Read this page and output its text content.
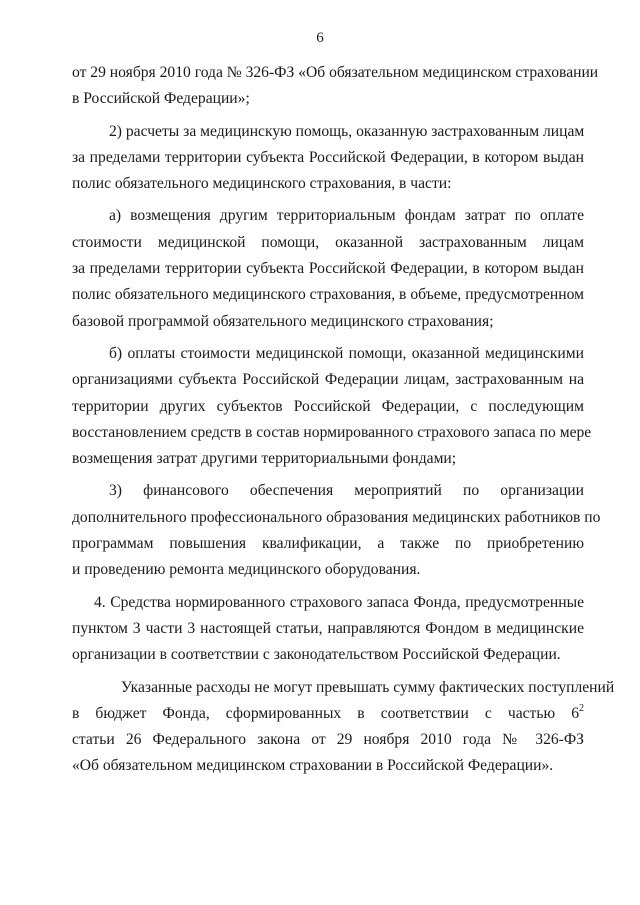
6
от 29 ноября 2010 года № 326-ФЗ «Об обязательном медицинском страховании
в Российской Федерации»;
2) расчеты за медицинскую помощь, оказанную застрахованным лицам
за пределами территории субъекта Российской Федерации, в котором выдан
полис обязательного медицинского страхования, в части:
а) возмещения другим территориальным фондам затрат по оплате
стоимости медицинской помощи, оказанной застрахованным лицам
за пределами территории субъекта Российской Федерации, в котором выдан
полис обязательного медицинского страхования, в объеме, предусмотренном
базовой программой обязательного медицинского страхования;
б) оплаты стоимости медицинской помощи, оказанной медицинскими
организациями субъекта Российской Федерации лицам, застрахованным на
территории других субъектов Российской Федерации, с последующим
восстановлением средств в состав нормированного страхового запаса по мере
возмещения затрат другими территориальными фондами;
3) финансового обеспечения мероприятий по организации
дополнительного профессионального образования медицинских работников по
программам повышения квалификации, а также по приобретению
и проведению ремонта медицинского оборудования.
4. Средства нормированного страхового запаса Фонда, предусмотренные
пунктом 3 части 3 настоящей статьи, направляются Фондом в медицинские
организации в соответствии с законодательством Российской Федерации.
Указанные расходы не могут превышать сумму фактических поступлений
в бюджет Фонда, сформированных в соответствии с частью $6^2$
статьи 26 Федерального закона от 29 ноября 2010 года № 326-ФЗ
«Об обязательном медицинском страховании в Российской Федерации».
